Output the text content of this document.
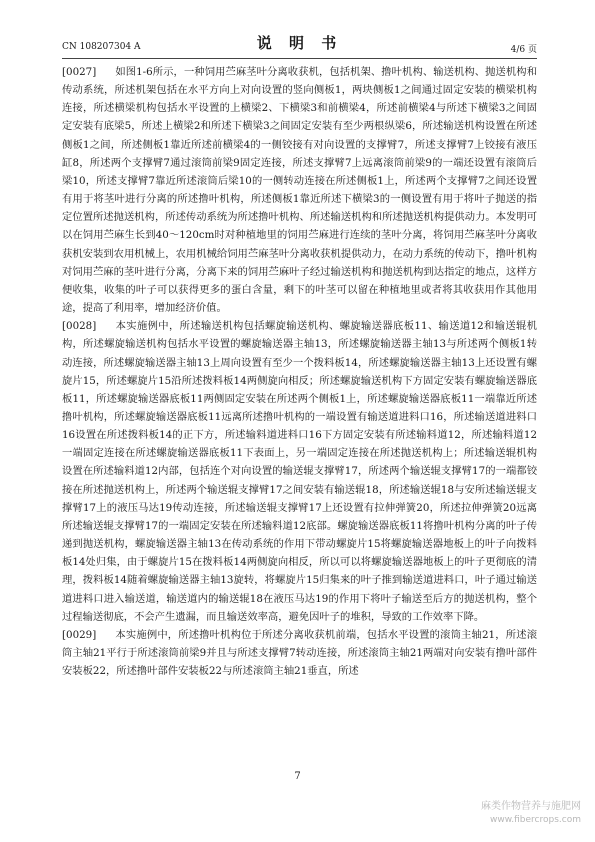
CN 108207304 A	说 明 书	4/6 页

[0027] 如图1-6所示，一种饲用苎麻茎叶分离收获机，包括机架、撸叶机构、输送机构、抛送机构和传动系统，所述机架包括在水平方向上对向设置的竖向侧板1，两块侧板1之间通过固定安装的横梁机构连接，所述横梁机构包括水平设置的上横梁2、下横梁3和前横梁4，所述前横梁4与所述下横梁3之间固定安装有底梁5，所述上横梁2和所述下横梁3之间固定安装有至少两根纵梁6，所述输送机构设置在所述侧板1之间，所述侧板1靠近所述前横梁4的一侧铰接有对向设置的支撑臂7，所述支撑臂7上铰接有液压缸8，所述两个支撑臂7通过滚筒前梁9固定连接，所述支撑臂7上远离滚筒前梁9的一端还设置有滚筒后梁10，所述支撑臂7靠近所述滚筒后梁10的一侧转动连接在所述侧板1上，所述两个支撑臂7之间还设置有用于将茎叶进行分离的所述撸叶机构，所述侧板1靠近所述下横梁3的一侧设置有用于将叶子抛送的指定位置所述抛送机构，所述传动系统为所述撸叶机构、所述输送机构和所述抛送机构提供动力。本发明可以在饲用苎麻生长到40～120cm时对种植地里的饲用苎麻进行连续的茎叶分离，将饲用苎麻茎叶分离收获机安装到农用机械上，农用机械给饲用苎麻茎叶分离收获机提供动力，在动力系统的传动下，撸叶机构对饲用苎麻的茎叶进行分离，分离下来的饲用苎麻叶子经过输送机构和抛送机构到达指定的地点，这样方便收集，收集的叶子可以获得更多的蛋白含量，剩下的叶茎可以留在种植地里或者将其收获用作其他用途，提高了利用率，增加经济价值。

[0028] 本实施例中，所述输送机构包括螺旋输送机构、螺旋输送器底板11、输送道12和输送辊机构，所述螺旋输送机构包括水平设置的螺旋输送器主轴13，所述螺旋输送器主轴13与所述两个侧板1转动连接，所述螺旋输送器主轴13上周向设置有至少一个拨料板14，所述螺旋输送器主轴13上还设置有螺旋片15，所述螺旋片15沿所述拨料板14两侧旋向相反；所述螺旋输送机构下方固定安装有螺旋输送器底板11，所述螺旋输送器底板11两侧固定安装在所述两个侧板1上，所述螺旋输送器底板11一端靠近所述撸叶机构，所述螺旋输送器底板11远离所述撸叶机构的一端设置有输送道进料口16，所述输送道进料口16设置在所述拨料板14的正下方，所述输料道进料口16下方固定安装有所述输料道12，所述输料道12一端固定连接在所述螺旋输送器底板11下表面上，另一端固定连接在所述抛送机构上；所述输送辊机构设置在所述输料道12内部，包括连个对向设置的输送辊支撑臂17，所述两个输送辊支撑臂17的一端都铰接在所述抛送机构上，所述两个输送辊支撑臂17之间安装有输送辊18，所述输送辊18与安所述输送辊支撑臂17上的液压马达19传动连接，所述输送辊支撑臂17上还设置有拉伸弹簧20，所述拉伸弹簧20远离所述输送辊支撑臂17的一端固定安装在所述输料道12底部。螺旋输送器底板11将撸叶机构分离的叶子传递到抛送机构，螺旋输送器主轴13在传动系统的作用下带动螺旋片15将螺旋输送器地板上的叶子向拨料板14处归集，由于螺旋片15在拨料板14两侧旋向相反，所以可以将螺旋输送器地板上的叶子更彻底的清理，拨料板14随着螺旋输送器主轴13旋转，将螺旋片15归集来的叶子推到输送道进料口，叶子通过输送道进料口进入输送道，输送道内的输送辊18在液压马达19的作用下将叶子输送至后方的抛送机构，整个过程输送彻底，不会产生遗漏，而且输送效率高，避免因叶子的堆积，导致的工作效率下降。

[0029] 本实施例中，所述撸叶机构位于所述分离收获机前端，包括水平设置的滚筒主轴21，所述滚筒主轴21平行于所述滚筒前梁9并且与所述支撑臂7转动连接，所述滚筒主轴21两端对向安装有撸叶部件安装板22，所述撸叶部件安装板22与所述滚筒主轴21垂直，所述

7
麻类作物营养与施肥网
www.fibercrops.com
